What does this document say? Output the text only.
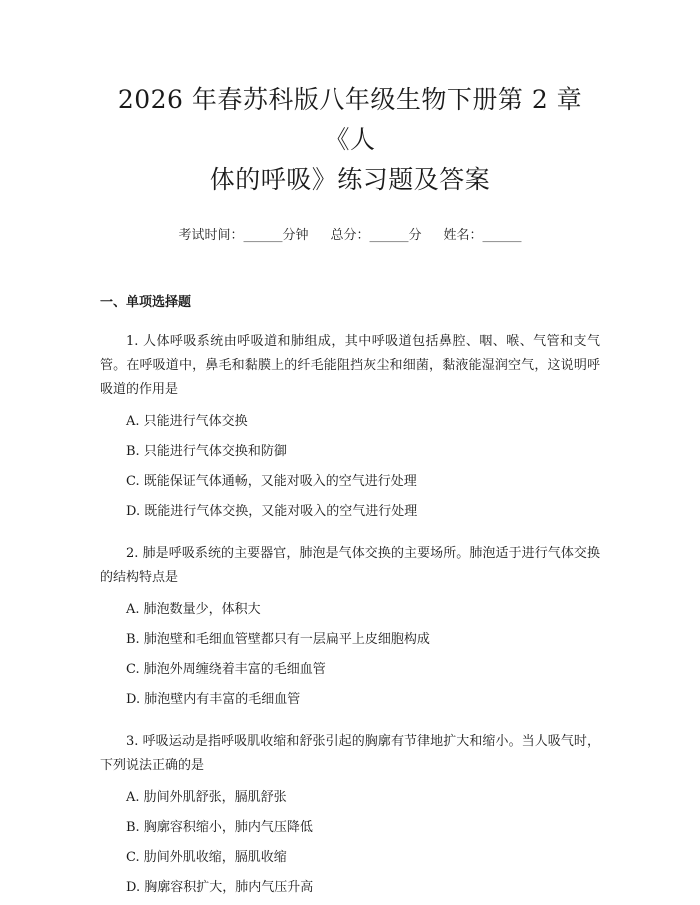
2026 年春苏科版八年级生物下册第 2 章《人
体的呼吸》练习题及答案
考试时间：______分钟 总分：______分 姓名：______
一、单项选择题
1. 人体呼吸系统由呼吸道和肺组成，其中呼吸道包括鼻腔、咽、喉、气管和支气管。在呼吸道中，鼻毛和黏膜上的纤毛能阻挡灰尘和细菌，黏液能湿润空气，这说明呼吸道的作用是
A. 只能进行气体交换
B. 只能进行气体交换和防御
C. 既能保证气体通畅，又能对吸入的空气进行处理
D. 既能进行气体交换，又能对吸入的空气进行处理
2. 肺是呼吸系统的主要器官，肺泡是气体交换的主要场所。肺泡适于进行气体交换的结构特点是
A. 肺泡数量少，体积大
B. 肺泡壁和毛细血管壁都只有一层扁平上皮细胞构成
C. 肺泡外周缠绕着丰富的毛细血管
D. 肺泡壁内有丰富的毛细血管
3. 呼吸运动是指呼吸肌收缩和舒张引起的胸廓有节律地扩大和缩小。当人吸气时，下列说法正确的是
A. 肋间外肌舒张，膈肌舒张
B. 胸廓容积缩小，肺内气压降低
C. 肋间外肌收缩，膈肌收缩
D. 胸廓容积扩大，肺内气压升高
